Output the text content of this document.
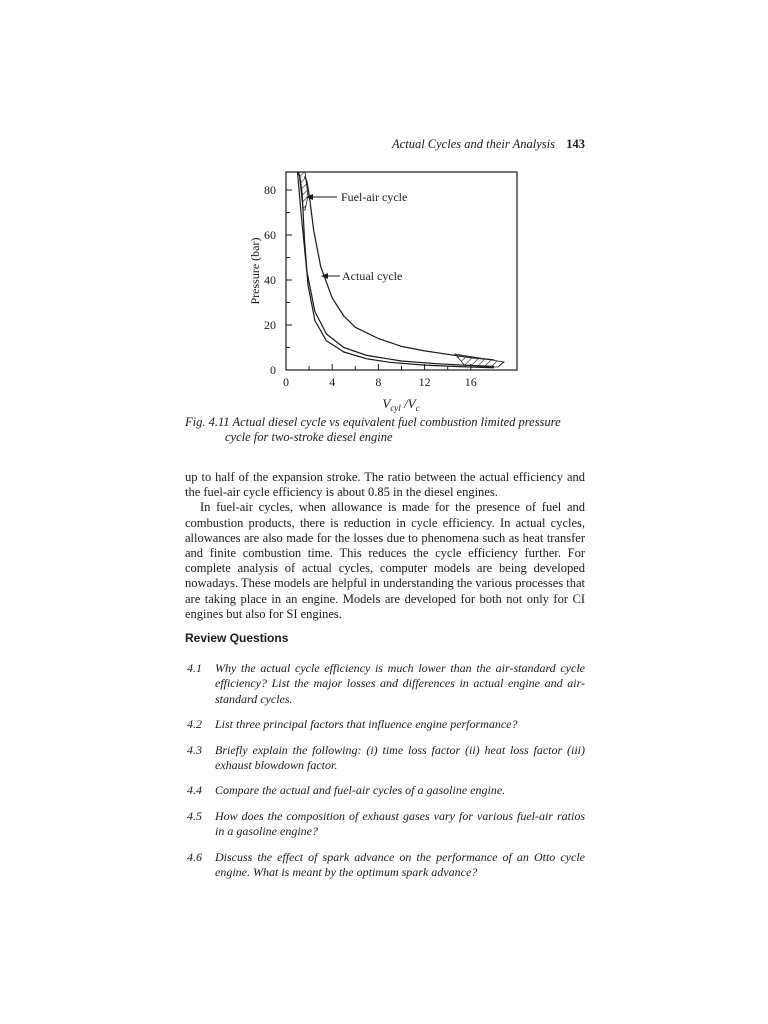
Actual Cycles and their Analysis 143
0
20
40
60
80
0	4	8	12	16
Fuel-air cycle
Actual cycle
Pressure (bar)
$V_{cyl}$ $/V_c$
Fig. 4.11 Actual diesel cycle vs equivalent fuel combustion limited pressure
cycle for two-stroke diesel engine

up to half of the expansion stroke. The ratio between the actual efficiency and the fuel-air cycle efficiency is about 0.85 in the diesel engines.

In fuel-air cycles, when allowance is made for the presence of fuel and combustion products, there is reduction in cycle efficiency. In actual cycles, allowances are also made for the losses due to phenomena such as heat transfer and finite combustion time. This reduces the cycle efficiency further. For complete analysis of actual cycles, computer models are being developed nowadays. These models are helpful in understanding the various processes that are taking place in an engine. Models are developed for both not only for CI engines but also for SI engines.

Review Questions
4.1 Why the actual cycle efficiency is much lower than the air-standard cycle efficiency? List the major losses and differences in actual engine and air-standard cycles.
4.2 List three principal factors that influence engine performance?
4.3 Briefly explain the following: (i) time loss factor (ii) heat loss factor (iii) exhaust blowdown factor.
4.4 Compare the actual and fuel-air cycles of a gasoline engine.
4.5 How does the composition of exhaust gases vary for various fuel-air ratios in a gasoline engine?
4.6 Discuss the effect of spark advance on the performance of an Otto cycle engine. What is meant by the optimum spark advance?
